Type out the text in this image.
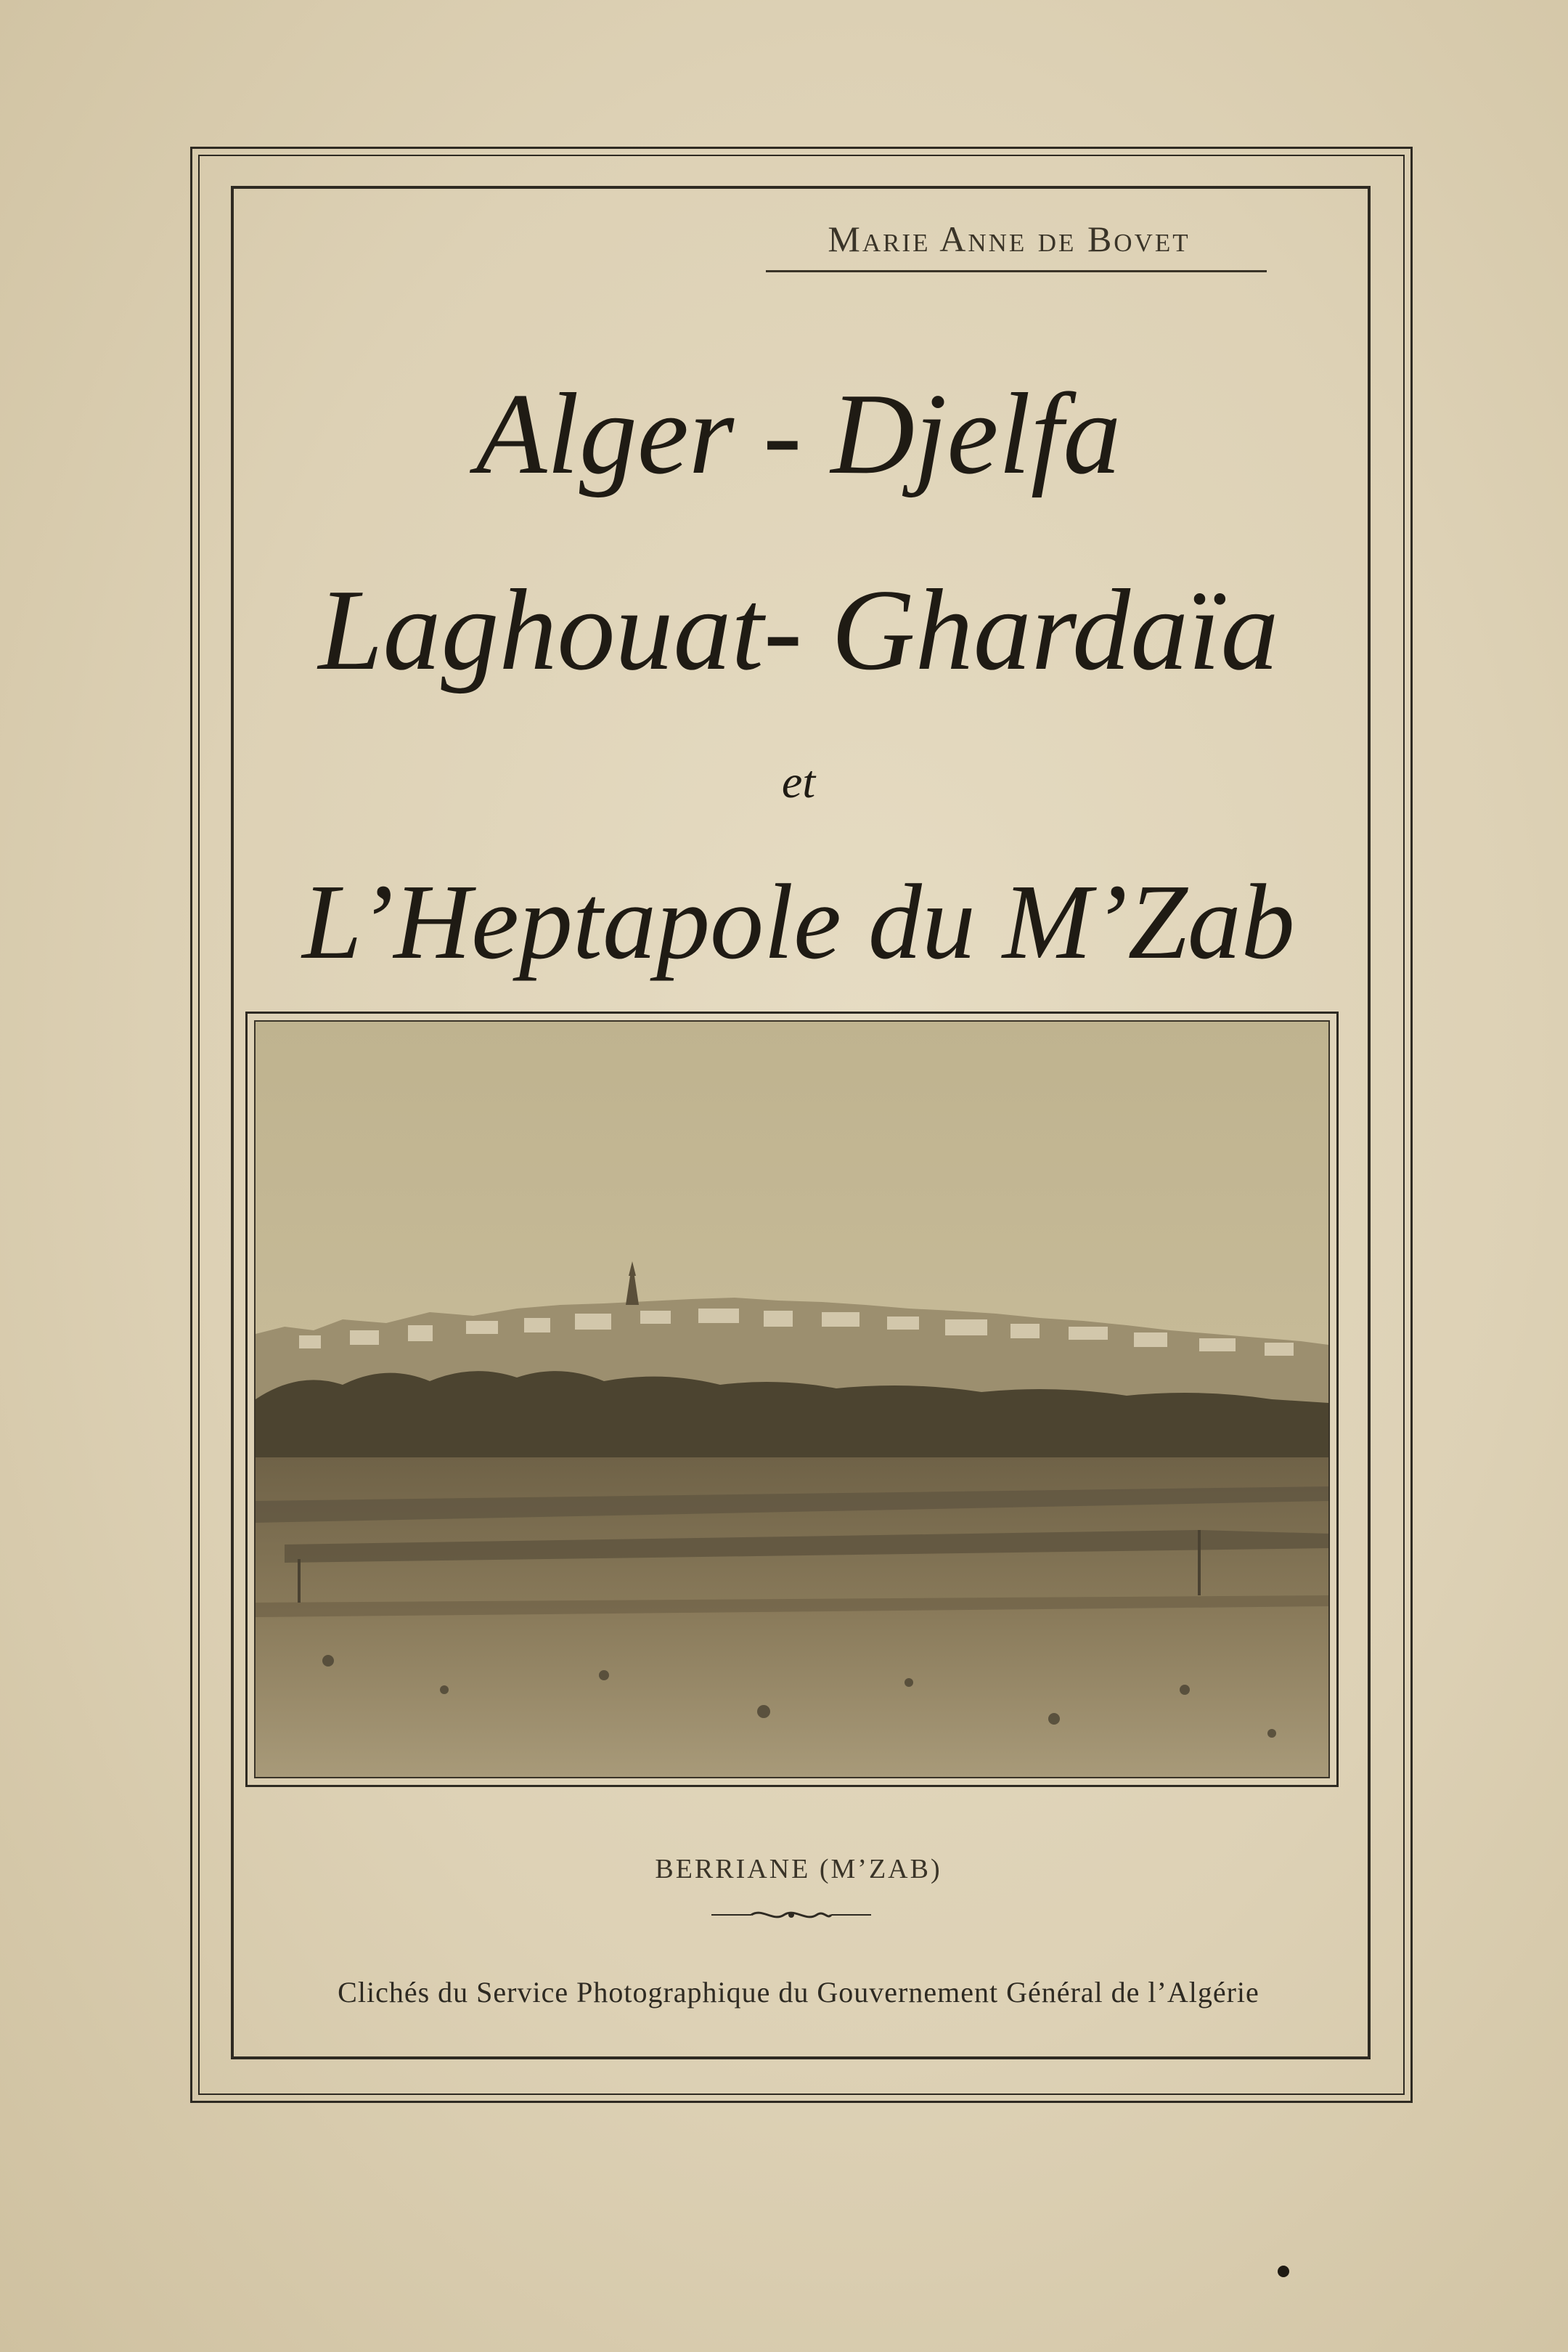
Marie Anne de Bovet
Alger - Djelfa
Laghouat- Ghardaïa
et
L’Heptapole du M’Zab
BERRIANE (M’ZAB)
Clichés du Service Photographique du Gouvernement Général de l’Algérie
